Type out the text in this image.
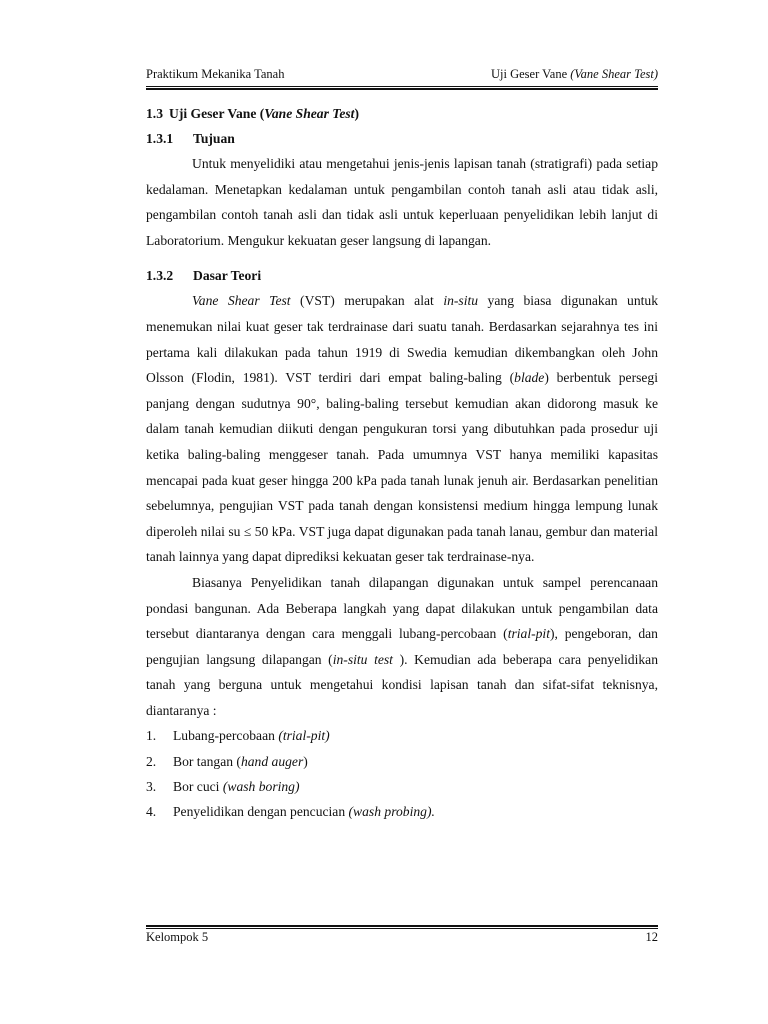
Praktikum Mekanika Tanah	Uji Geser Vane (Vane Shear Test)
1.3 Uji Geser Vane (Vane Shear Test)
1.3.1 Tujuan

Untuk menyelidiki atau mengetahui jenis-jenis lapisan tanah (stratigrafi) pada setiap kedalaman. Menetapkan kedalaman untuk pengambilan contoh tanah asli atau tidak asli, pengambilan contoh tanah asli dan tidak asli untuk keperluaan penyelidikan lebih lanjut di Laboratorium. Mengukur kekuatan geser langsung di lapangan.

1.3.2 Dasar Teori

Vane Shear Test (VST) merupakan alat in-situ yang biasa digunakan untuk menemukan nilai kuat geser tak terdrainase dari suatu tanah. Berdasarkan sejarahnya tes ini pertama kali dilakukan pada tahun 1919 di Swedia kemudian dikembangkan oleh John Olsson (Flodin, 1981). VST terdiri dari empat baling-baling (blade) berbentuk persegi panjang dengan sudutnya 90°, baling-baling tersebut kemudian akan didorong masuk ke dalam tanah kemudian diikuti dengan pengukuran torsi yang dibutuhkan pada prosedur uji ketika baling-baling menggeser tanah. Pada umumnya VST hanya memiliki kapasitas mencapai pada kuat geser hingga 200 kPa pada tanah lunak jenuh air. Berdasarkan penelitian sebelumnya, pengujian VST pada tanah dengan konsistensi medium hingga lempung lunak diperoleh nilai su ≤ 50 kPa. VST juga dapat digunakan pada tanah lanau, gembur dan material tanah lainnya yang dapat diprediksi kekuatan geser tak terdrainase-nya.

Biasanya Penyelidikan tanah dilapangan digunakan untuk sampel perencanaan pondasi bangunan. Ada Beberapa langkah yang dapat dilakukan untuk pengambilan data tersebut diantaranya dengan cara menggali lubang-percobaan (trial-pit), pengeboran, dan pengujian langsung dilapangan (in-situ test ). Kemudian ada beberapa cara penyelidikan tanah yang berguna untuk mengetahui kondisi lapisan tanah dan sifat-sifat teknisnya, diantaranya :

1. Lubang-percobaan (trial-pit)
2. Bor tangan (hand auger)
3. Bor cuci (wash boring)
4. Penyelidikan dengan pencucian (wash probing).
Kelompok 5	12
